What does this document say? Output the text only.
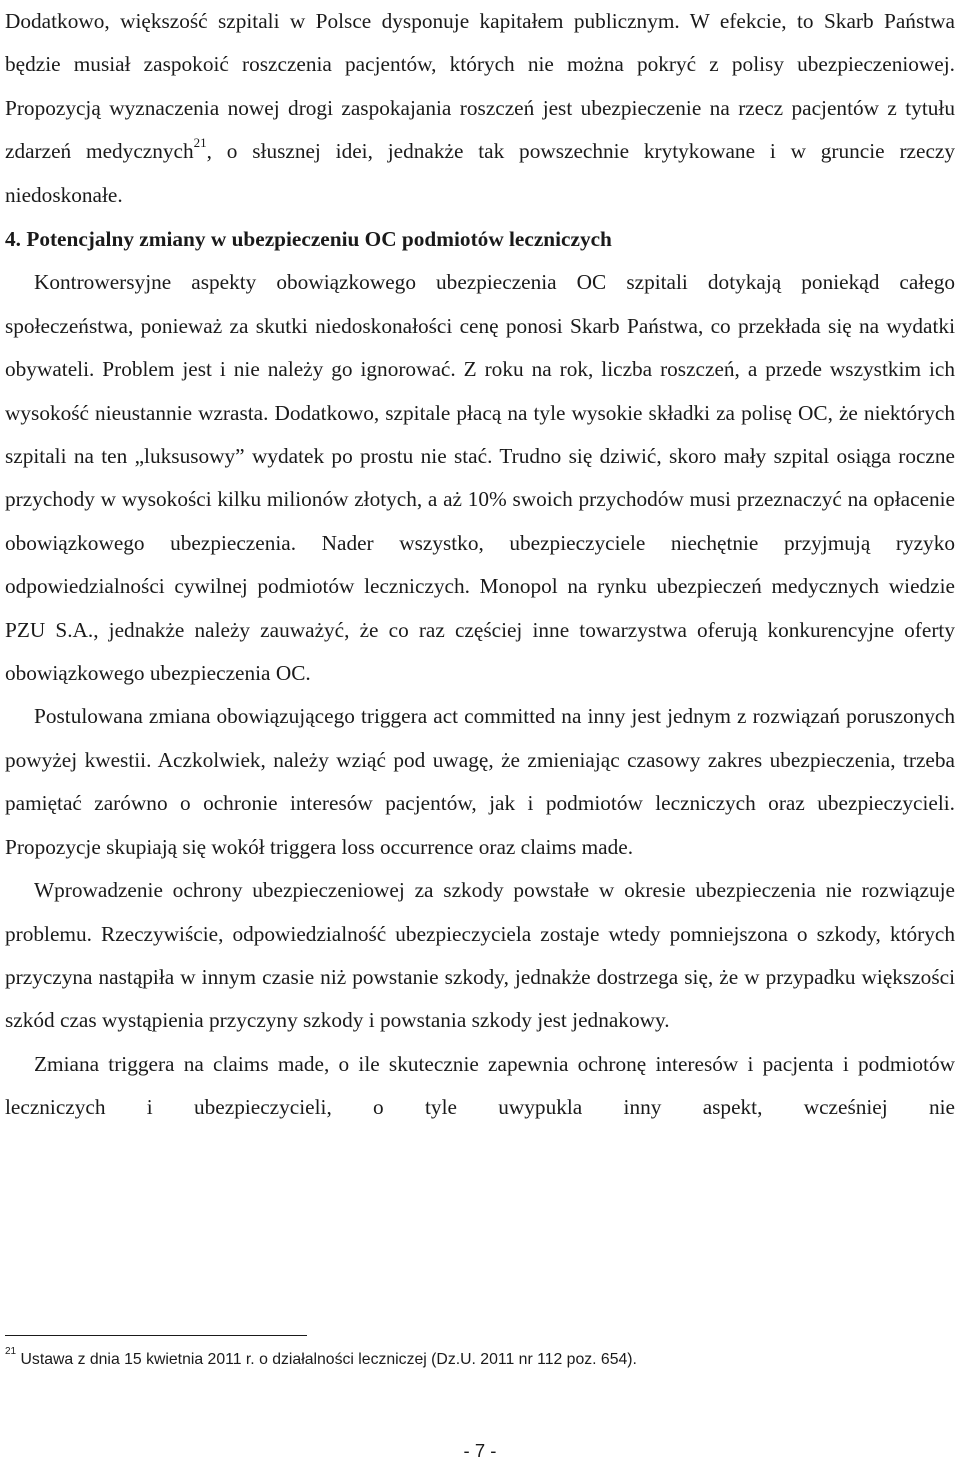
Dodatkowo, większość szpitali w Polsce dysponuje kapitałem publicznym. W efekcie, to Skarb Państwa będzie musiał zaspokoić roszczenia pacjentów, których nie można pokryć z polisy ubezpieczeniowej. Propozycją wyznaczenia nowej drogi zaspokajania roszczeń jest ubezpieczenie na rzecz pacjentów z tytułu zdarzeń medycznych$^{21}$, o słusznej idei, jednakże tak powszechnie krytykowane i w gruncie rzeczy niedoskonałe.

4. Potencjalny zmiany w ubezpieczeniu OC podmiotów leczniczych

Kontrowersyjne aspekty obowiązkowego ubezpieczenia OC szpitali dotykają poniekąd całego społeczeństwa, ponieważ za skutki niedoskonałości cenę ponosi Skarb Państwa, co przekłada się na wydatki obywateli. Problem jest i nie należy go ignorować. Z roku na rok, liczba roszczeń, a przede wszystkim ich wysokość nieustannie wzrasta. Dodatkowo, szpitale płacą na tyle wysokie składki za polisę OC, że niektórych szpitali na ten „luksusowy” wydatek po prostu nie stać. Trudno się dziwić, skoro mały szpital osiąga roczne przychody w wysokości kilku milionów złotych, a aż 10% swoich przychodów musi przeznaczyć na opłacenie obowiązkowego ubezpieczenia. Nader wszystko, ubezpieczyciele niechętnie przyjmują ryzyko odpowiedzialności cywilnej podmiotów leczniczych. Monopol na rynku ubezpieczeń medycznych wiedzie PZU S.A., jednakże należy zauważyć, że co raz częściej inne towarzystwa oferują konkurencyjne oferty obowiązkowego ubezpieczenia OC.

Postulowana zmiana obowiązującego triggera act committed na inny jest jednym z rozwiązań poruszonych powyżej kwestii. Aczkolwiek, należy wziąć pod uwagę, że zmieniając czasowy zakres ubezpieczenia, trzeba pamiętać zarówno o ochronie interesów pacjentów, jak i podmiotów leczniczych oraz ubezpieczycieli. Propozycje skupiają się wokół triggera loss occurrence oraz claims made.

Wprowadzenie ochrony ubezpieczeniowej za szkody powstałe w okresie ubezpieczenia nie rozwiązuje problemu. Rzeczywiście, odpowiedzialność ubezpieczyciela zostaje wtedy pomniejszona o szkody, których przyczyna nastąpiła w innym czasie niż powstanie szkody, jednakże dostrzega się, że w przypadku większości szkód czas wystąpienia przyczyny szkody i powstania szkody jest jednakowy.

Zmiana triggera na claims made, o ile skutecznie zapewnia ochronę interesów i pacjenta i podmiotów leczniczych i ubezpieczycieli, o tyle uwypukla inny aspekt, wcześniej nie

$^{21}$ Ustawa z dnia 15 kwietnia 2011 r. o działalności leczniczej (Dz.U. 2011 nr 112 poz. 654).
- 7 -
